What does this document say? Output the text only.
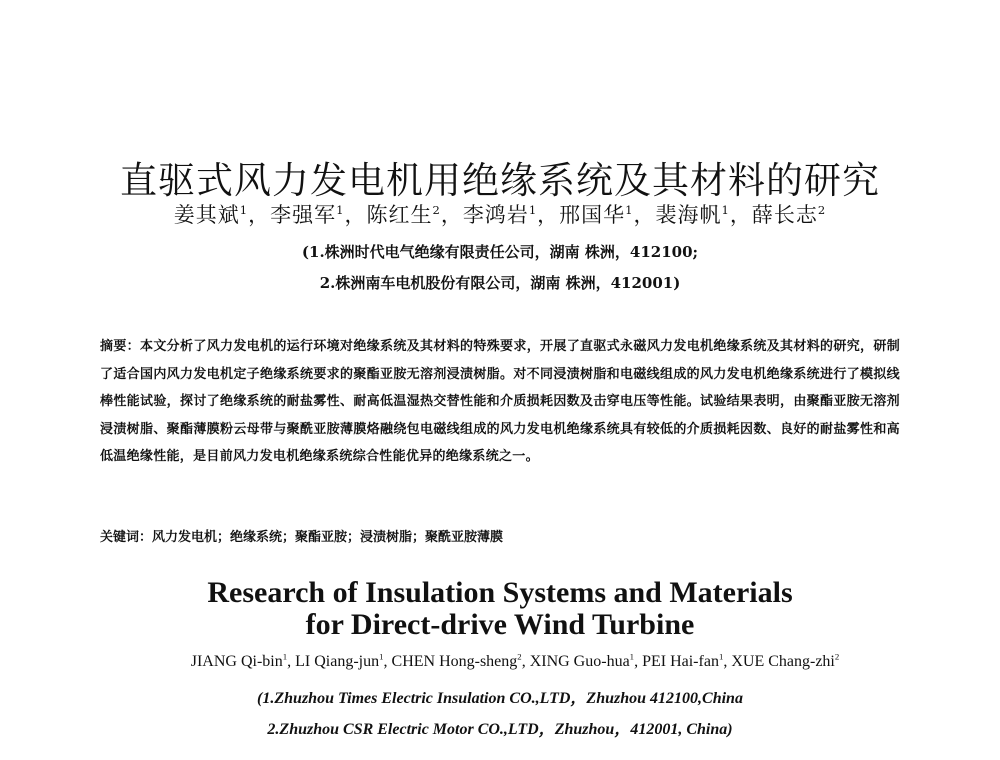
直驱式风力发电机用绝缘系统及其材料的研究
姜其斌$^1$，李强军$^1$，陈红生$^2$，李鸿岩$^1$，邢国华$^1$，裴海帆$^1$，薛长志$^2$
(1.株洲时代电气绝缘有限责任公司，湖南 株洲，412100;
2.株洲南车电机股份有限公司，湖南 株洲，412001)
摘要：本文分析了风力发电机的运行环境对绝缘系统及其材料的特殊要求，开展了直驱式永磁风力发电机绝缘系统及其材料的研究，研制了适合国内风力发电机定子绝缘系统要求的聚酯亚胺无溶剂浸渍树脂。对不同浸渍树脂和电磁线组成的风力发电机绝缘系统进行了模拟线棒性能试验，探讨了绝缘系统的耐盐雾性、耐高低温湿热交替性能和介质损耗因数及击穿电压等性能。试验结果表明，由聚酯亚胺无溶剂浸渍树脂、聚酯薄膜粉云母带与聚酰亚胺薄膜烙融绕包电磁线组成的风力发电机绝缘系统具有较低的介质损耗因数、良好的耐盐雾性和高低温绝缘性能，是目前风力发电机绝缘系统综合性能优异的绝缘系统之一。
关键词：风力发电机；绝缘系统；聚酯亚胺；浸渍树脂；聚酰亚胺薄膜
Research of Insulation Systems and Materials
for Direct-drive Wind Turbine
JIANG Qi-bin$^1$, LI Qiang-jun$^1$, CHEN Hong-sheng$^2$, XING Guo-hua$^1$, PEI Hai-fan$^1$, XUE Chang-zhi$^2$
(1.Zhuzhou Times Electric Insulation CO.,LTD，Zhuzhou 412100,China
2.Zhuzhou CSR Electric Motor CO.,LTD，Zhuzhou，412001, China)
